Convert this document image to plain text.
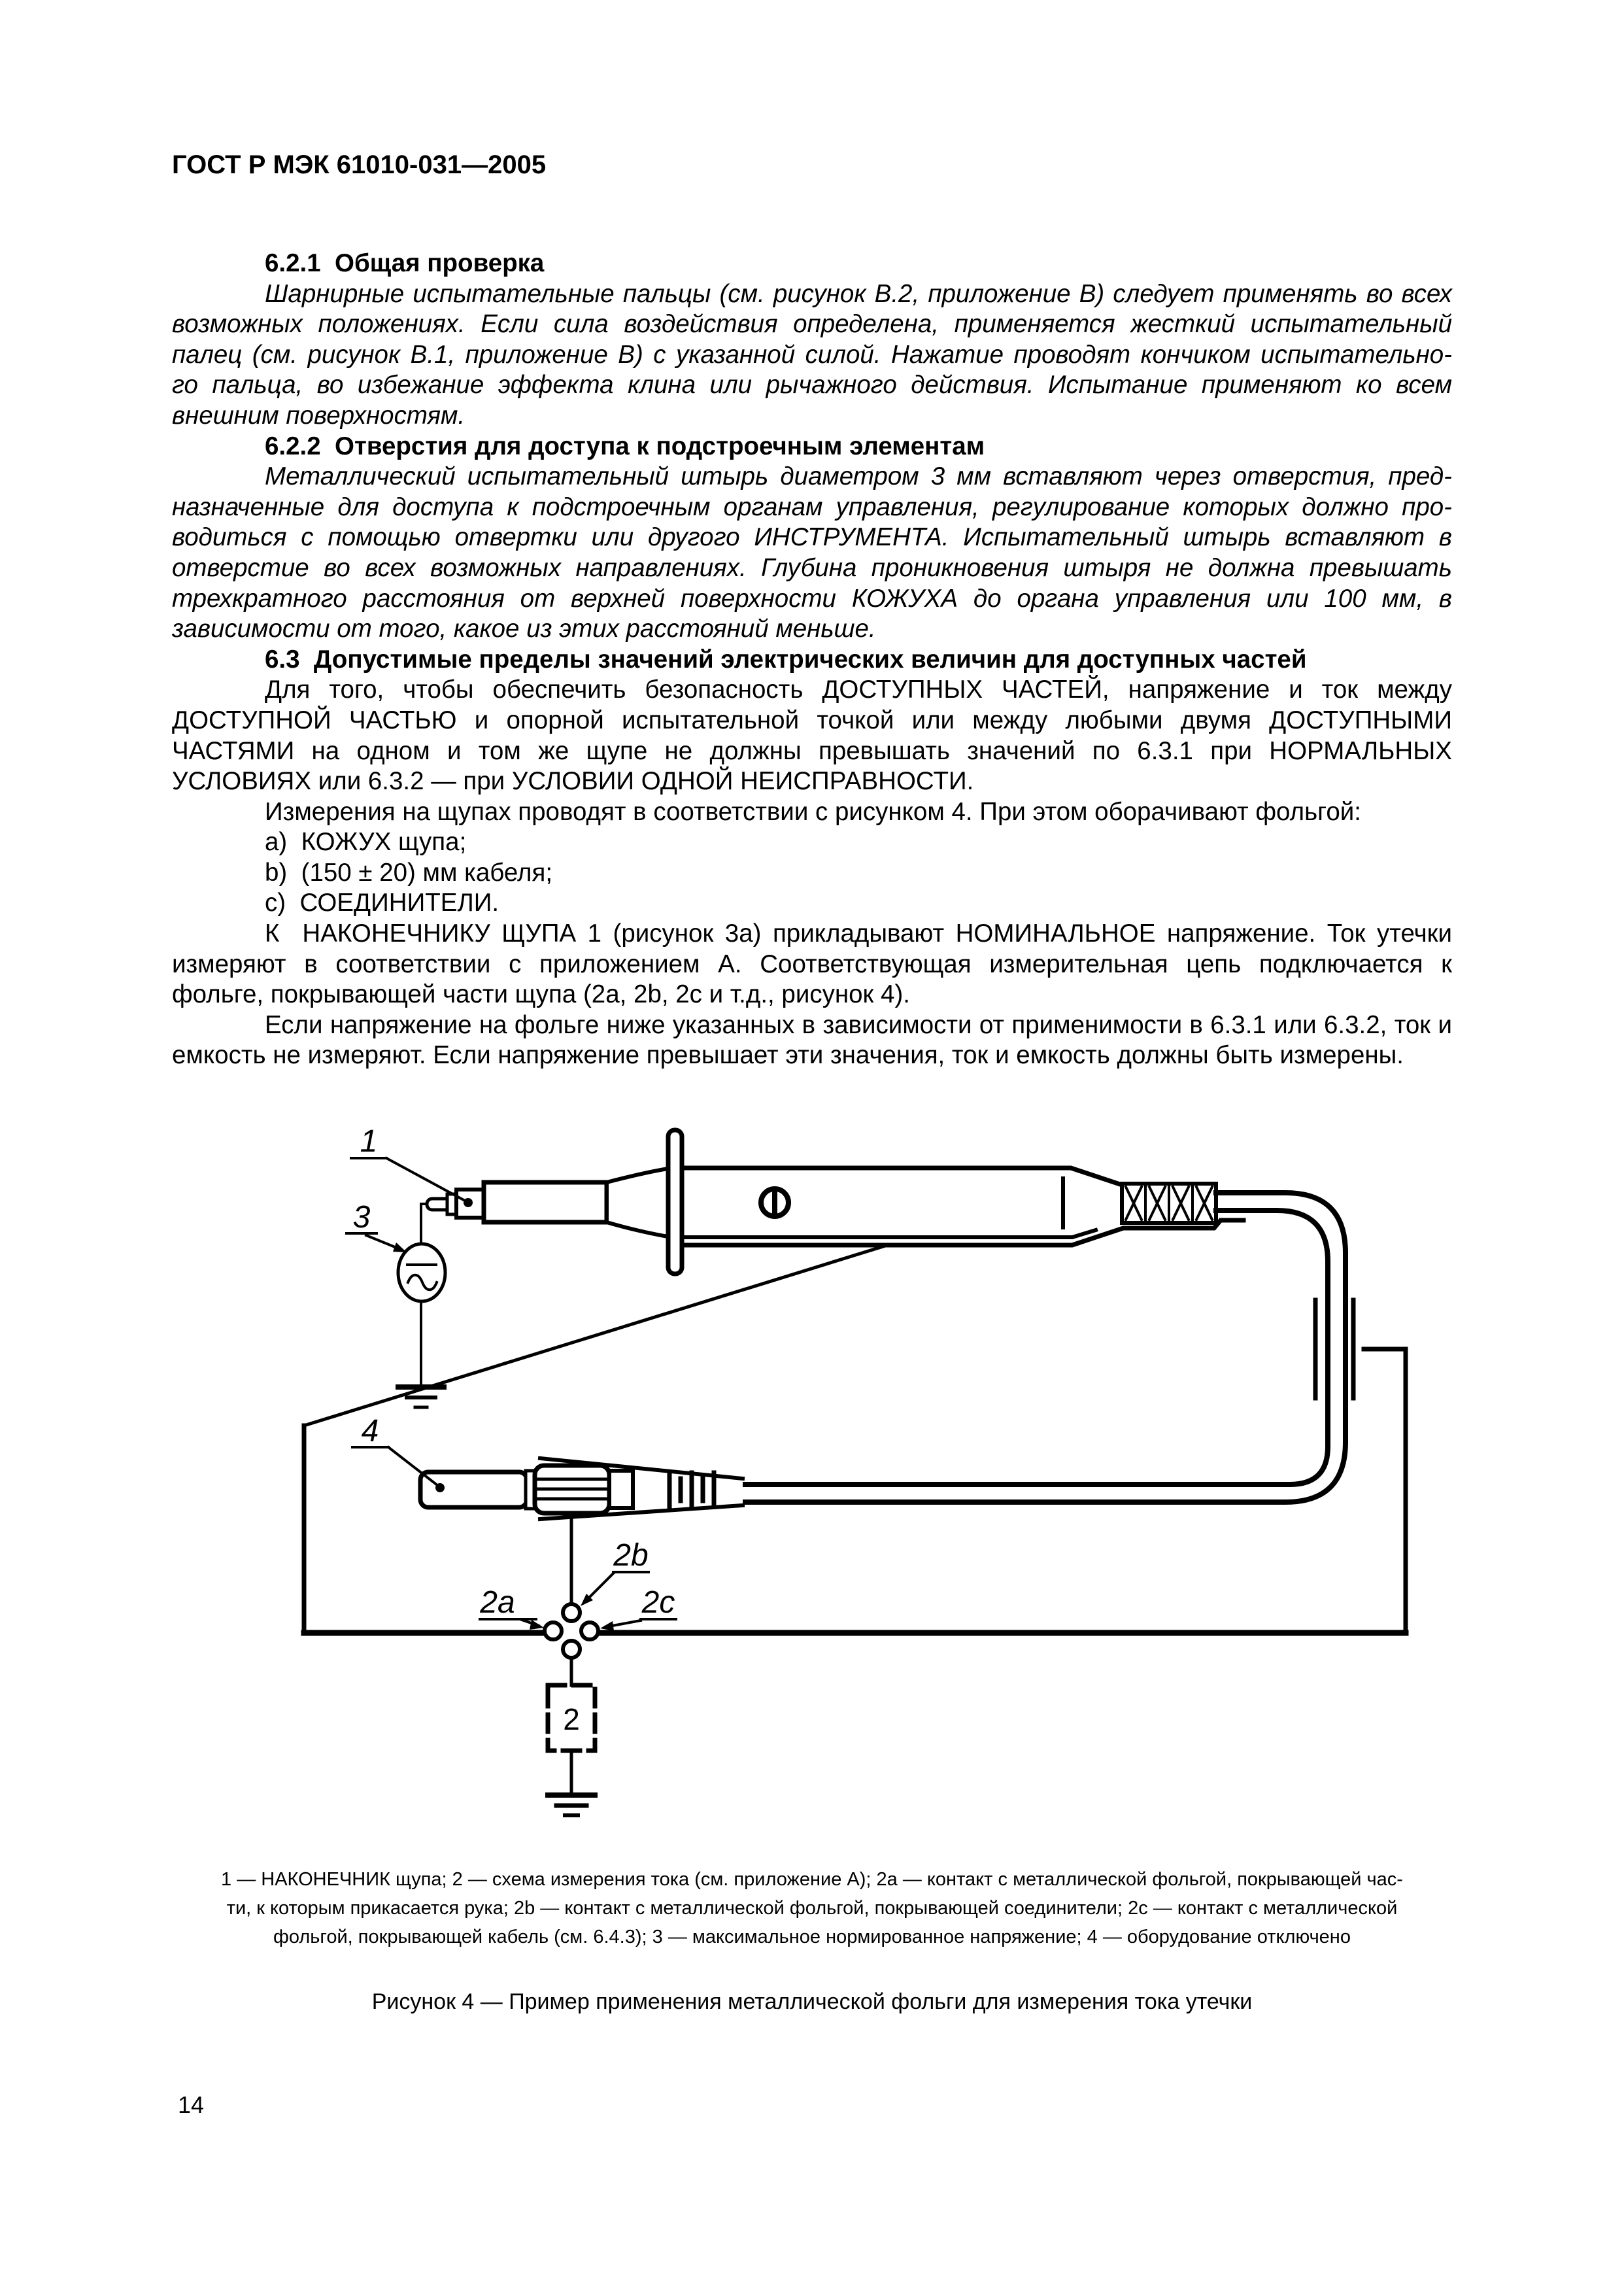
ГОСТ Р МЭК 61010-031—2005
6.2.1  Общая проверка
Шарнирные испытательные пальцы (см. рисунок В.2, приложение В) следует применять во всех
возможных положениях. Если сила воздействия определена, применяется жесткий испытательный
палец (см. рисунок В.1, приложение В) с указанной силой. Нажатие проводят кончиком испытательно-
го пальца, во избежание эффекта клина или рычажного действия. Испытание применяют ко всем
внешним поверхностям.
6.2.2  Отверстия для доступа к подстроечным элементам
Металлический испытательный штырь диаметром 3 мм вставляют через отверстия, пред-
назначенные для доступа к подстроечным органам управления, регулирование которых должно про-
водиться с помощью отвертки или другого ИНСТРУМЕНТА. Испытательный штырь вставляют в
отверстие во всех возможных направлениях. Глубина проникновения штыря не должна превышать
трехкратного расстояния от верхней поверхности КОЖУХА до органа управления или 100 мм, в
зависимости от того, какое из этих расстояний меньше.
6.3  Допустимые пределы значений электрических величин для доступных частей
Для того, чтобы обеспечить безопасность ДОСТУПНЫХ ЧАСТЕЙ, напряжение и ток между
ДОСТУПНОЙ ЧАСТЬЮ и опорной испытательной точкой или между любыми двумя ДОСТУПНЫМИ
ЧАСТЯМИ на одном и том же щупе не должны превышать значений по 6.3.1 при НОРМАЛЬНЫХ
УСЛОВИЯХ или 6.3.2 — при УСЛОВИИ ОДНОЙ НЕИСПРАВНОСТИ.
Измерения на щупах проводят в соответствии с рисунком 4. При этом оборачивают фольгой:
a)  КОЖУХ щупа;
b)  (150 ± 20) мм кабеля;
c)  СОЕДИНИТЕЛИ.
К  НАКОНЕЧНИКУ ЩУПА 1 (рисунок 3а) прикладывают НОМИНАЛЬНОЕ напряжение. Ток утечки
измеряют в соответствии с приложением А. Соответствующая измерительная цепь подключается к
фольге, покрывающей части щупа (2а, 2b, 2с и т.д., рисунок 4).
Если напряжение на фольге ниже указанных в зависимости от применимости в 6.3.1 или 6.3.2, ток и
емкость не измеряют. Если напряжение превышает эти значения, ток и емкость должны быть измерены.
2
1
3
4
2b
2a	2c
1 — НАКОНЕЧНИК щупа; 2 — схема измерения тока (см. приложение А); 2а — контакт с металлической фольгой, покрывающей час-
ти, к которым прикасается рука; 2b — контакт с металлической фольгой, покрывающей соединители; 2с — контакт с металлической
фольгой, покрывающей кабель (см. 6.4.3); 3 — максимальное нормированное напряжение; 4 — оборудование отключено
Рисунок 4 — Пример применения металлической фольги для измерения тока утечки
14
